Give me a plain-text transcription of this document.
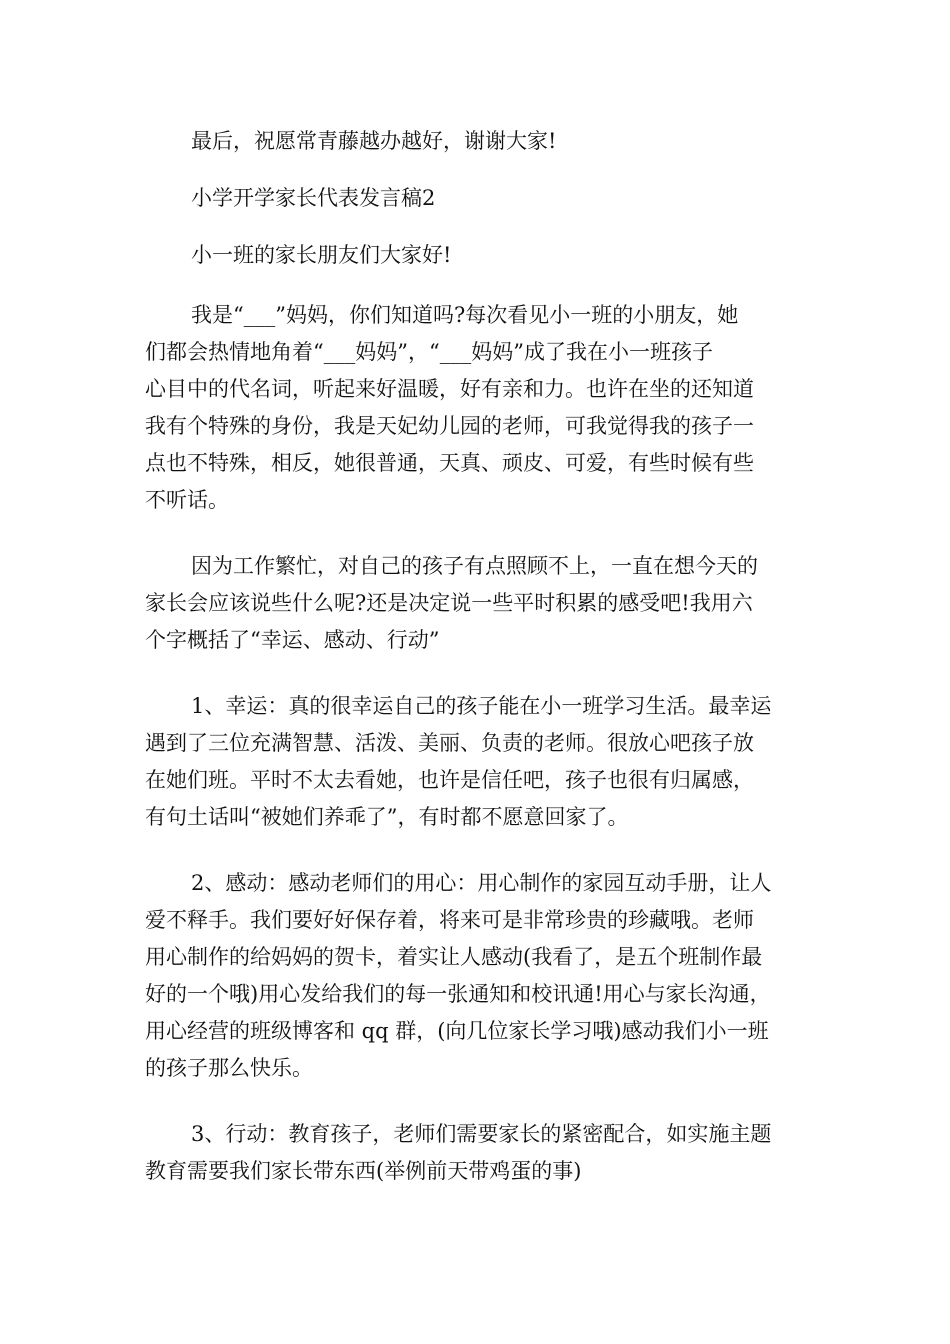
最后，祝愿常青藤越办越好，谢谢大家!

小学开学家长代表发言稿2

小一班的家长朋友们大家好!

我是“___”妈妈，你们知道吗?每次看见小一班的小朋友，她

们都会热情地角着“___妈妈”，“___妈妈”成了我在小一班孩子

心目中的代名词，听起来好温暖，好有亲和力。也许在坐的还知道

我有个特殊的身份，我是天妃幼儿园的老师，可我觉得我的孩子一

点也不特殊，相反，她很普通，天真、顽皮、可爱，有些时候有些

不听话。

因为工作繁忙，对自己的孩子有点照顾不上，一直在想今天的

家长会应该说些什么呢?还是决定说一些平时积累的感受吧!我用六

个字概括了“幸运、感动、行动”

1、幸运：真的很幸运自己的孩子能在小一班学习生活。最幸运

遇到了三位充满智慧、活泼、美丽、负责的老师。很放心吧孩子放

在她们班。平时不太去看她，也许是信任吧，孩子也很有归属感，

有句土话叫“被她们养乖了”，有时都不愿意回家了。

2、感动：感动老师们的用心：用心制作的家园互动手册，让人

爱不释手。我们要好好保存着，将来可是非常珍贵的珍藏哦。老师

用心制作的给妈妈的贺卡，着实让人感动(我看了，是五个班制作最

好的一个哦)用心发给我们的每一张通知和校讯通!用心与家长沟通，

用心经营的班级博客和 qq 群，(向几位家长学习哦)感动我们小一班

的孩子那么快乐。

3、行动：教育孩子，老师们需要家长的紧密配合，如实施主题

教育需要我们家长带东西(举例前天带鸡蛋的事)
